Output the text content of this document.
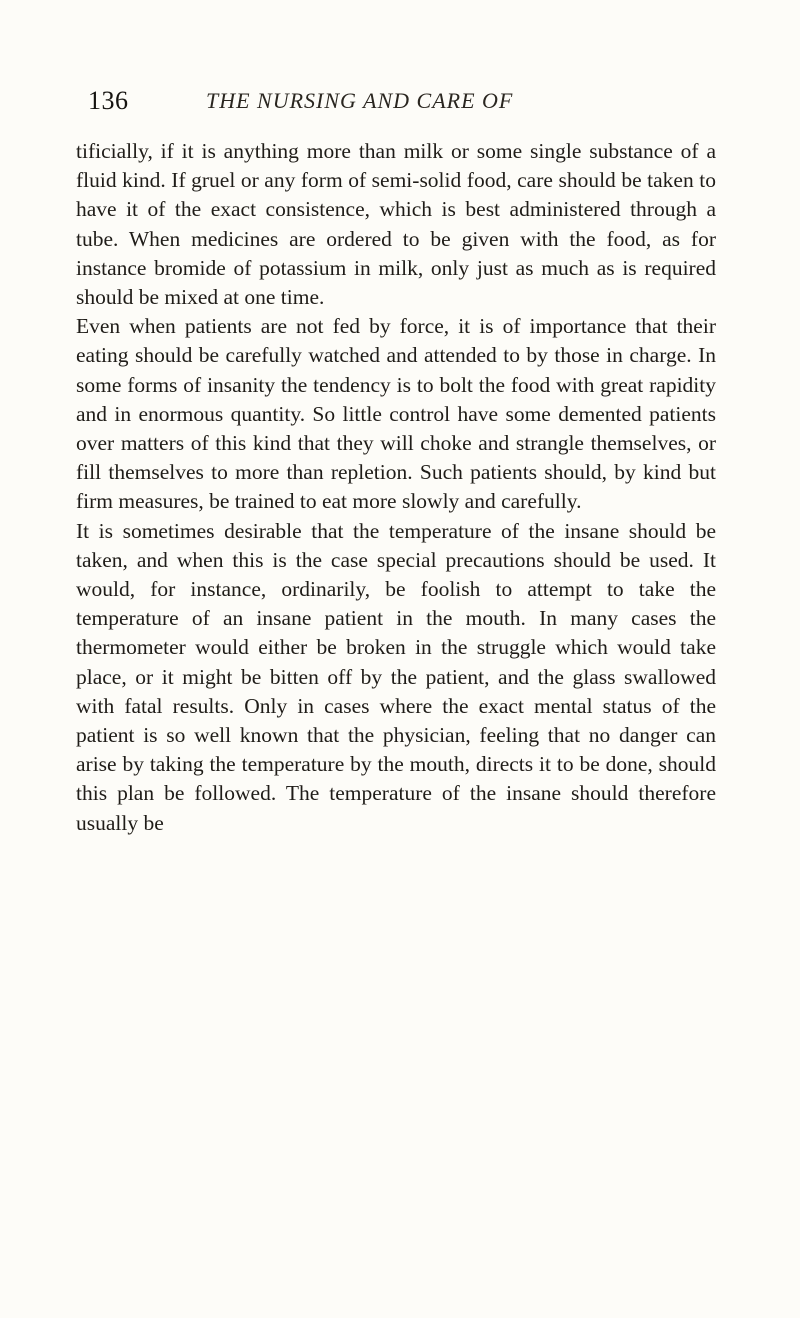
136	THE NURSING AND CARE OF

tificially, if it is anything more than milk or some single substance of a fluid kind. If gruel or any form of semi-solid food, care should be taken to have it of the exact consistence, which is best administered through a tube. When medicines are ordered to be given with the food, as for instance bromide of potassium in milk, only just as much as is required should be mixed at one time.

Even when patients are not fed by force, it is of importance that their eating should be carefully watched and attended to by those in charge. In some forms of insanity the tendency is to bolt the food with great rapidity and in enormous quantity. So little control have some demented patients over matters of this kind that they will choke and strangle themselves, or fill themselves to more than repletion. Such patients should, by kind but firm measures, be trained to eat more slowly and carefully.

It is sometimes desirable that the temperature of the insane should be taken, and when this is the case special precautions should be used. It would, for instance, ordinarily, be foolish to attempt to take the temperature of an insane patient in the mouth. In many cases the thermometer would either be broken in the struggle which would take place, or it might be bitten off by the patient, and the glass swallowed with fatal results. Only in cases where the exact mental status of the patient is so well known that the physician, feeling that no danger can arise by taking the temperature by the mouth, directs it to be done, should this plan be followed. The temperature of the insane should therefore usually be
